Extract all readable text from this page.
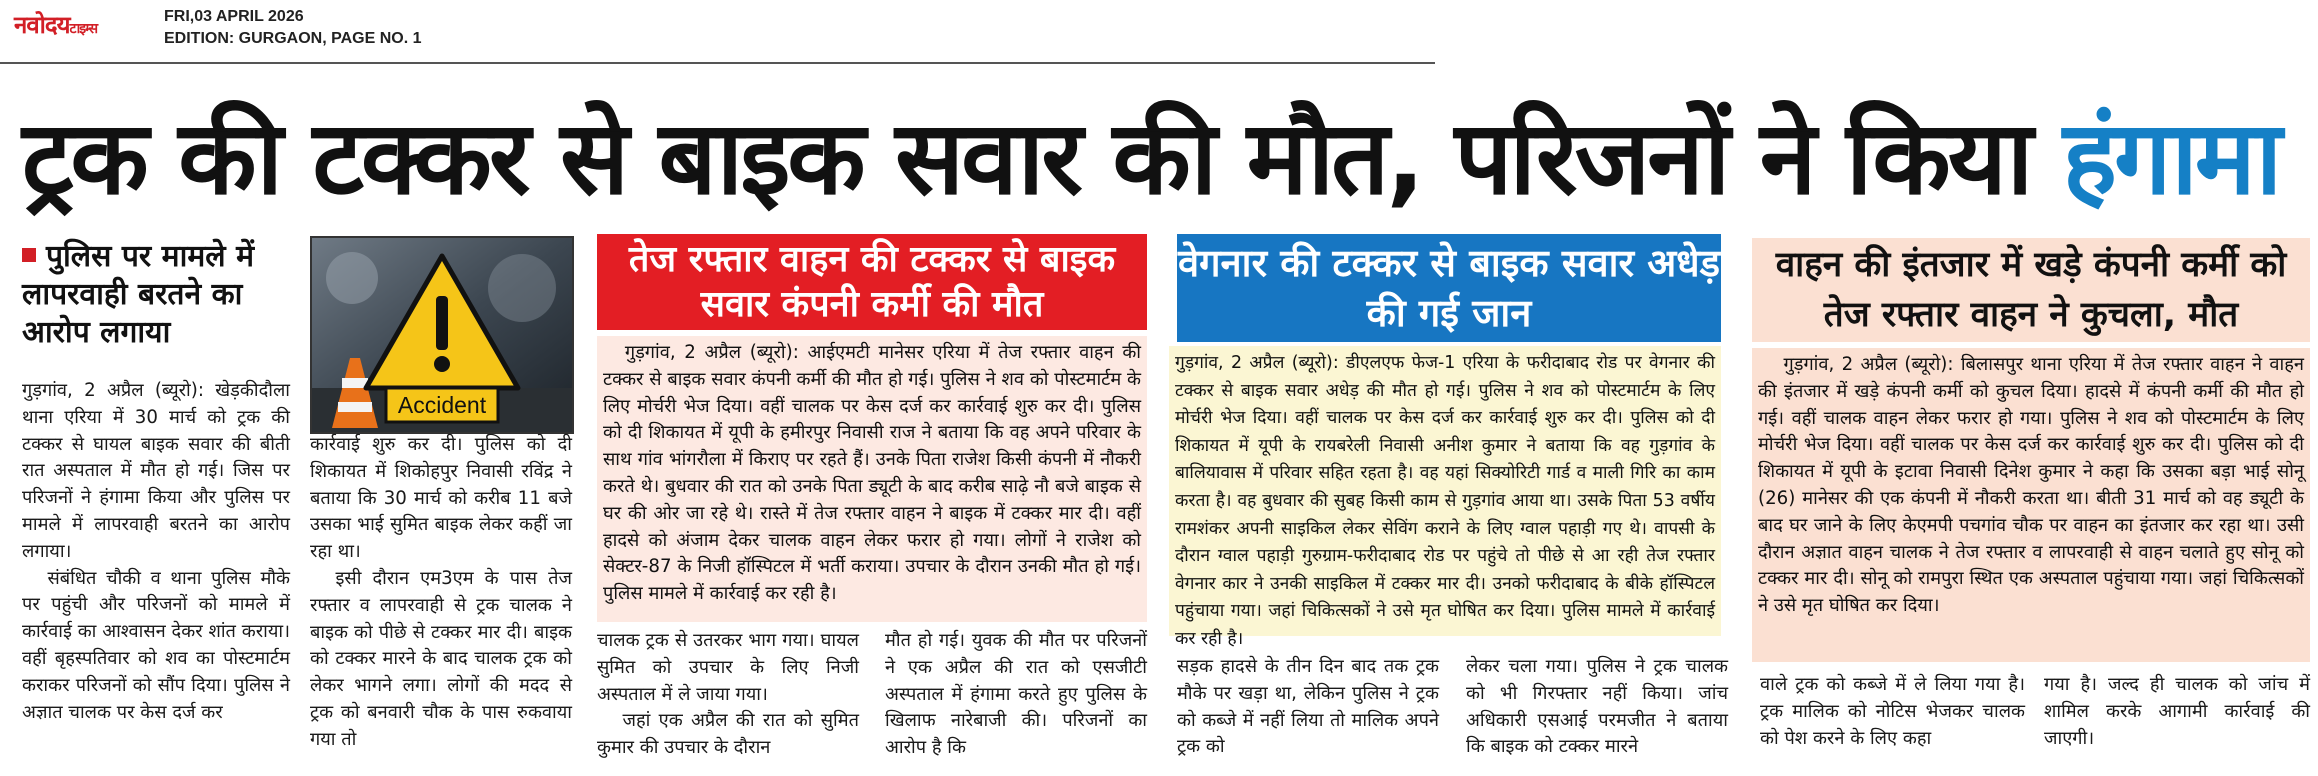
नवोदयटाइम्स
FRI,03 APRIL 2026
EDITION: GURGAON, PAGE NO. 1
ट्रक की टक्कर से बाइक सवार की मौत, परिजनों ने किया हंगामा
पुलिस पर मामले में लापरवाही बरतने का आरोप लगाया

गुड़गांव, 2 अप्रैल (ब्यूरो): खेड़कीदौला थाना एरिया में 30 मार्च को ट्रक की टक्कर से घायल बाइक सवार की बीती रात अस्पताल में मौत हो गई। जिस पर परिजनों ने हंगामा किया और पुलिस पर मामले में लापरवाही बरतने का आरोप लगाया।

संबंधित चौकी व थाना पुलिस मौके पर पहुंची और परिजनों को मामले में कार्रवाई का आश्वासन देकर शांत कराया। वहीं बृहस्पतिवार को शव का पोस्टमार्टम कराकर परिजनों को सौंप दिया। पुलिस ने अज्ञात चालक पर केस दर्ज कर

Accident

कार्रवाई शुरु कर दी। पुलिस को दी शिकायत में शिकोहपुर निवासी रविंद्र ने बताया कि 30 मार्च को करीब 11 बजे उसका भाई सुमित बाइक लेकर कहीं जा रहा था।

इसी दौरान एम3एम के पास तेज रफ्तार व लापरवाही से ट्रक चालक ने बाइक को पीछे से टक्कर मार दी। बाइक को टक्कर मारने के बाद चालक ट्रक को लेकर भागने लगा। लोगों की मदद से ट्रक को बनवारी चौक के पास रुकवाया गया तो

चालक ट्रक से उतरकर भाग गया। घायल सुमित को उपचार के लिए निजी अस्पताल में ले जाया गया।

जहां एक अप्रैल की रात को सुमित कुमार की उपचार के दौरान

मौत हो गई। युवक की मौत पर परिजनों ने एक अप्रैल की रात को एसजीटी अस्पताल में हंगामा करते हुए पुलिस के खिलाफ नारेबाजी की। परिजनों का आरोप है कि

तेज रफ्तार वाहन की टक्कर से बाइक सवार कंपनी कर्मी की मौत

गुड़गांव, 2 अप्रैल (ब्यूरो): आईएमटी मानेसर एरिया में तेज रफ्तार वाहन की टक्कर से बाइक सवार कंपनी कर्मी की मौत हो गई। पुलिस ने शव को पोस्टमार्टम के लिए मोर्चरी भेज दिया। वहीं चालक पर केस दर्ज कर कार्रवाई शुरु कर दी। पुलिस को दी शिकायत में यूपी के हमीरपुर निवासी राज ने बताया कि वह अपने परिवार के साथ गांव भांगरौला में किराए पर रहते हैं। उनके पिता राजेश किसी कंपनी में नौकरी करते थे। बुधवार की रात को उनके पिता ड्यूटी के बाद करीब साढ़े नौ बजे बाइक से घर की ओर जा रहे थे। रास्ते में तेज रफ्तार वाहन ने बाइक में टक्कर मार दी। वहीं हादसे को अंजाम देकर चालक वाहन लेकर फरार हो गया। लोगों ने राजेश को सेक्टर-87 के निजी हॉस्पिटल में भर्ती कराया। उपचार के दौरान उनकी मौत हो गई। पुलिस मामले में कार्रवाई कर रही है।

वेगनार की टक्कर से बाइक सवार अधेड़ की गई जान

गुड़गांव, 2 अप्रैल (ब्यूरो): डीएलएफ फेज-1 एरिया के फरीदाबाद रोड पर वेगनार की टक्कर से बाइक सवार अधेड़ की मौत हो गई। पुलिस ने शव को पोस्टमार्टम के लिए मोर्चरी भेज दिया। वहीं चालक पर केस दर्ज कर कार्रवाई शुरु कर दी। पुलिस को दी शिकायत में यूपी के रायबरेली निवासी अनीश कुमार ने बताया कि वह गुड़गांव के बालियावास में परिवार सहित रहता है। वह यहां सिक्योरिटी गार्ड व माली गिरि का काम करता है। वह बुधवार की सुबह किसी काम से गुड़गांव आया था। उसके पिता 53 वर्षीय रामशंकर अपनी साइकिल लेकर सेविंग कराने के लिए ग्वाल पहाड़ी गए थे। वापसी के दौरान ग्वाल पहाड़ी गुरुग्राम-फरीदाबाद रोड पर पहुंचे तो पीछे से आ रही तेज रफ्तार वेगनार कार ने उनकी साइकिल में टक्कर मार दी। उनको फरीदाबाद के बीके हॉस्पिटल पहुंचाया गया। जहां चिकित्सकों ने उसे मृत घोषित कर दिया। पुलिस मामले में कार्रवाई कर रही है।

सड़क हादसे के तीन दिन बाद तक ट्रक मौके पर खड़ा था, लेकिन पुलिस ने ट्रक को कब्जे में नहीं लिया तो मालिक अपने ट्रक को

लेकर चला गया। पुलिस ने ट्रक चालक को भी गिरफ्तार नहीं किया। जांच अधिकारी एसआई परमजीत ने बताया कि बाइक को टक्कर मारने

वाहन की इंतजार में खड़े कंपनी कर्मी को तेज रफ्तार वाहन ने कुचला, मौत

गुड़गांव, 2 अप्रैल (ब्यूरो): बिलासपुर थाना एरिया में तेज रफ्तार वाहन ने वाहन की इंतजार में खड़े कंपनी कर्मी को कुचल दिया। हादसे में कंपनी कर्मी की मौत हो गई। वहीं चालक वाहन लेकर फरार हो गया। पुलिस ने शव को पोस्टमार्टम के लिए मोर्चरी भेज दिया। वहीं चालक पर केस दर्ज कर कार्रवाई शुरु कर दी। पुलिस को दी शिकायत में यूपी के इटावा निवासी दिनेश कुमार ने कहा कि उसका बड़ा भाई सोनू (26) मानेसर की एक कंपनी में नौकरी करता था। बीती 31 मार्च को वह ड्यूटी के बाद घर जाने के लिए केएमपी पचगांव चौक पर वाहन का इंतजार कर रहा था। उसी दौरान अज्ञात वाहन चालक ने तेज रफ्तार व लापरवाही से वाहन चलाते हुए सोनू को टक्कर मार दी। सोनू को रामपुरा स्थित एक अस्पताल पहुंचाया गया। जहां चिकित्सकों ने उसे मृत घोषित कर दिया।

वाले ट्रक को कब्जे में ले लिया गया है। ट्रक मालिक को नोटिस भेजकर चालक को पेश करने के लिए कहा

गया है। जल्द ही चालक को जांच में शामिल करके आगामी कार्रवाई की जाएगी।
